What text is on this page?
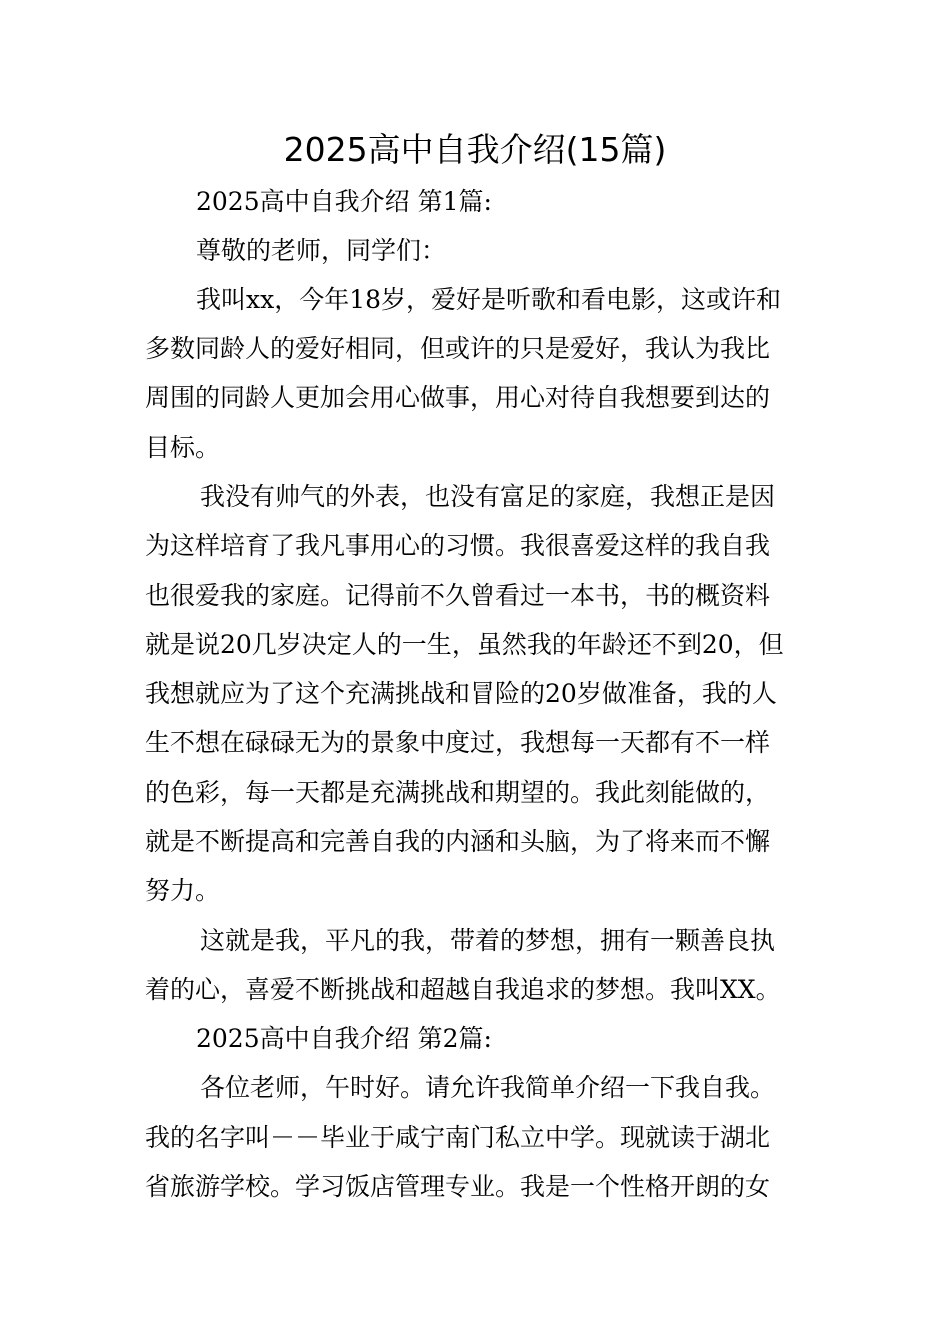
2025高中自我介绍(15篇)
2025高中自我介绍 第1篇:
尊敬的老师，同学们：
我叫xx，今年18岁，爱好是听歌和看电影，这或许和
多数同龄人的爱好相同，但或许的只是爱好，我认为我比
周围的同龄人更加会用心做事，用心对待自我想要到达的
目标。
我没有帅气的外表，也没有富足的家庭，我想正是因
为这样培育了我凡事用心的习惯。我很喜爱这样的我自我
也很爱我的家庭。记得前不久曾看过一本书，书的概资料
就是说20几岁决定人的一生，虽然我的年龄还不到20，但
我想就应为了这个充满挑战和冒险的20岁做准备，我的人
生不想在碌碌无为的景象中度过，我想每一天都有不一样
的色彩，每一天都是充满挑战和期望的。我此刻能做的，
就是不断提高和完善自我的内涵和头脑，为了将来而不懈
努力。
这就是我，平凡的我，带着的梦想，拥有一颗善良执
着的心，喜爱不断挑战和超越自我追求的梦想。我叫XX。
2025高中自我介绍 第2篇:
各位老师，午时好。请允许我简单介绍一下我自我。
我的名字叫－－毕业于咸宁南门私立中学。现就读于湖北
省旅游学校。学习饭店管理专业。我是一个性格开朗的女
